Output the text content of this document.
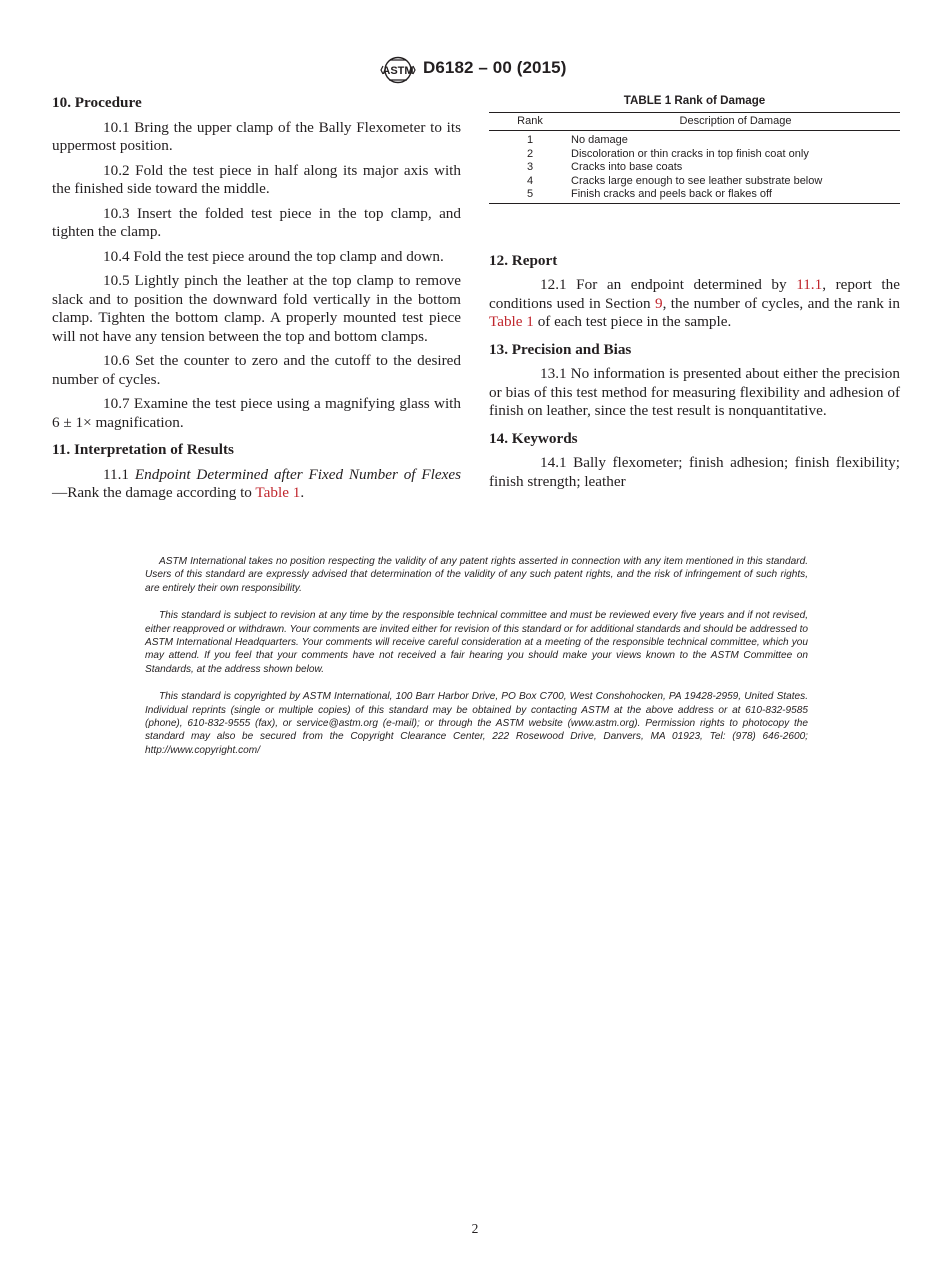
ASTM D6182 – 00 (2015)

10. Procedure

10.1 Bring the upper clamp of the Bally Flexometer to its uppermost position.

10.2 Fold the test piece in half along its major axis with the finished side toward the middle.

10.3 Insert the folded test piece in the top clamp, and tighten the clamp.

10.4 Fold the test piece around the top clamp and down.

10.5 Lightly pinch the leather at the top clamp to remove slack and to position the downward fold vertically in the bottom clamp. Tighten the bottom clamp. A properly mounted test piece will not have any tension between the top and bottom clamps.

10.6 Set the counter to zero and the cutoff to the desired number of cycles.

10.7 Examine the test piece using a magnifying glass with 6 ± 1× magnification.

11. Interpretation of Results

11.1 Endpoint Determined after Fixed Number of Flexes—Rank the damage according to Table 1.

TABLE 1 Rank of Damage
Rank	Description of Damage
1	No damage
2	Discoloration or thin cracks in top finish coat only
3	Cracks into base coats
4	Cracks large enough to see leather substrate below
5	Finish cracks and peels back or flakes off

12. Report

12.1 For an endpoint determined by 11.1, report the conditions used in Section 9, the number of cycles, and the rank in Table 1 of each test piece in the sample.

13. Precision and Bias

13.1 No information is presented about either the precision or bias of this test method for measuring flexibility and adhesion of finish on leather, since the test result is nonquantitative.

14. Keywords

14.1 Bally flexometer; finish adhesion; finish flexibility; finish strength; leather

ASTM International takes no position respecting the validity of any patent rights asserted in connection with any item mentioned in this standard. Users of this standard are expressly advised that determination of the validity of any such patent rights, and the risk of infringement of such rights, are entirely their own responsibility.

This standard is subject to revision at any time by the responsible technical committee and must be reviewed every five years and if not revised, either reapproved or withdrawn. Your comments are invited either for revision of this standard or for additional standards and should be addressed to ASTM International Headquarters. Your comments will receive careful consideration at a meeting of the responsible technical committee, which you may attend. If you feel that your comments have not received a fair hearing you should make your views known to the ASTM Committee on Standards, at the address shown below.

This standard is copyrighted by ASTM International, 100 Barr Harbor Drive, PO Box C700, West Conshohocken, PA 19428-2959, United States. Individual reprints (single or multiple copies) of this standard may be obtained by contacting ASTM at the above address or at 610-832-9585 (phone), 610-832-9555 (fax), or service@astm.org (e-mail); or through the ASTM website (www.astm.org). Permission rights to photocopy the standard may also be secured from the Copyright Clearance Center, 222 Rosewood Drive, Danvers, MA 01923, Tel: (978) 646-2600; http://www.copyright.com/

2
